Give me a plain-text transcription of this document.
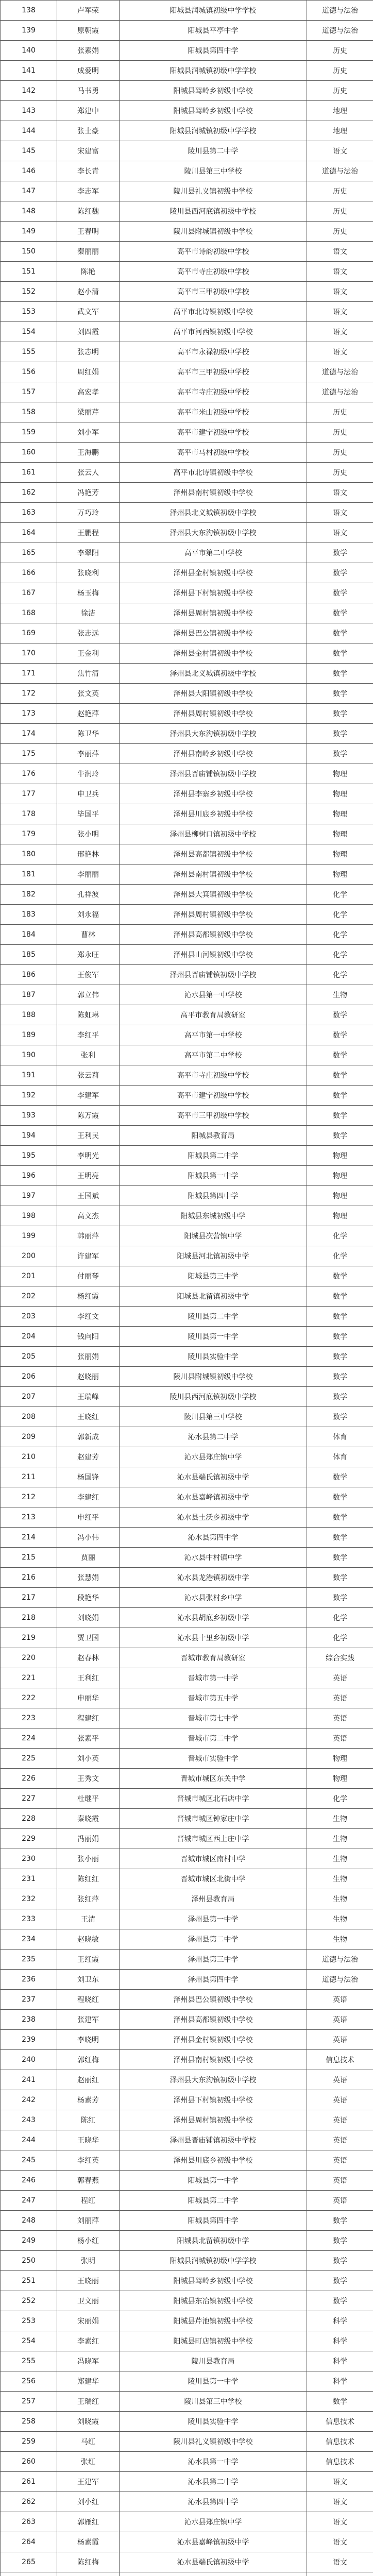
138	卢军荣	阳城县润城镇初级中学学校	道德与法治
139	原朝霞	阳城县平亭中学	道德与法治
140	张素娟	阳城县第四中学	历史
141	成爱明	阳城县润城镇初级中学学校	历史
142	马书勇	阳城县驾岭乡初级中学校	历史
143	郑建中	阳城县驾岭乡初级中学校	地理
144	张士豪	阳城县润城镇初级中学学校	地理
145	宋建富	陵川县第二中学	语文
146	李长青	陵川县第三中学校	道德与法治
147	李志军	陵川县礼义镇初级中学校	历史
148	陈红魏	陵川县西河底镇初级中学校	历史
149	王春明	陵川县附城镇初级中学校	历史
150	秦丽丽	高平市诗韵初级中学校	语文
151	陈艳	高平市寺庄初级中学校	语文
152	赵小清	高平市三甲初级中学校	语文
153	武文军	高平市北诗镇初级中学校	语文
154	刘四霞	高平市河西镇初级中学校	语文
155	张志明	高平市永禄初级中学校	语文
156	周红娟	高平市三甲初级中学校	道德与法治
157	高宏孝	高平市寺庄初级中学校	道德与法治
158	梁丽芹	高平市米山初级中学校	历史
159	刘小军	高平市建宁初级中学校	历史
160	王海鹏	高平市马村初级中学校	历史
161	张云人	高平市北诗镇初级中学校	历史
162	冯艳芳	泽州县南村镇初级中学校	语文
163	万巧玲	泽州县北义城镇初级中学校	语文
164	王鹏程	泽州县大东沟镇初级中学校	语文
165	李翠阳	高平市第二中学校	数学
166	张晓利	泽州县金村镇初级中学校	数学
167	杨玉梅	泽州县下村镇初级中学校	数学
168	徐洁	泽州县周村镇初级中学校	数学
169	张志远	泽州县巴公镇初级中学校	数学
170	王金利	泽州县金村镇初级中学校	数学
171	焦竹清	泽州县北义城镇初级中学校	数学
172	张文英	泽州县大阳镇初级中学校	数学
173	赵艳萍	泽州县周村镇初级中学校	数学
174	陈卫华	泽州县大东沟镇初级中学校	数学
175	李丽萍	泽州县南岭乡初级中学校	数学
176	牛润玲	泽州县晋庙铺镇初级中学校	物理
177	申卫兵	泽州县李寨乡初级中学校	物理
178	毕国平	泽州县川底乡初级中学校	物理
179	张小明	泽州县柳树口镇初级中学校	物理
180	邢艳林	泽州县高都镇初级中学校	物理
181	李丽丽	泽州县南村镇初级中学校	物理
182	孔祥波	泽州县大箕镇初级中学校	化学
183	刘永福	泽州县周村镇初级中学校	化学
184	曹林	泽州县高都镇初级中学校	化学
185	郑永旺	泽州县山河镇初级中学校	化学
186	王俊军	泽州县晋庙铺镇初级中学校	化学
187	郭立伟	沁水县第一中学校	生物
188	陈虹琳	高平市教育局教研室	数学
189	李红平	高平市第一中学校	数学
190	张利	高平市第二中学校	数学
191	张云莉	高平市寺庄初级中学校	数学
192	李建军	高平市建宁初级中学校	数学
193	陈万霞	高平市三甲初级中学校	数学
194	王利民	阳城县教育局	数学
195	李明光	阳城县第二中学	物理
196	王明亮	阳城县第一中学	物理
197	王国斌	阳城县第四中学	物理
198	高文杰	阳城县东城初级中学	物理
199	韩丽萍	阳城县次营镇中学	化学
200	许建军	阳城县河北镇初级中学	化学
201	付丽琴	阳城县第三中学	数学
202	杨红霞	阳城县北留镇初级中学	数学
203	李红文	陵川县第二中学	数学
204	钱向阳	陵川县第一中学	数学
205	张丽娟	陵川县实验中学	数学
206	赵晓丽	陵川县附城镇初级中学校	数学
207	王瑞峰	陵川县西河底镇初级中学校	数学
208	王晓红	陵川县第三中学校	数学
209	郭新成	沁水县第二中学	体育
210	赵建芳	沁水县郑庄镇中学	体育
211	杨国锋	沁水县端氏镇初级中学	数学
212	李建红	沁水县嘉峰镇初级中学	数学
213	申红平	沁水县土沃乡初级中学	数学
214	冯小伟	沁水县第四中学	数学
215	贾丽	沁水县中村镇中学	数学
216	张慧娟	沁水县龙港镇初级中学	数学
217	段艳华	沁水县张村乡中学	数学
218	刘晓娟	沁水县胡底乡初级中学	化学
219	贾卫国	沁水县十里乡初级中学	化学
220	赵春林	晋城市教育局教研室	综合实践
221	王利红	晋城市第一中学	英语
222	申丽华	晋城市第五中学	英语
223	程建红	晋城市第七中学	英语
224	张素平	晋城市第二中学	英语
225	刘小英	晋城市实验中学	物理
226	王秀文	晋城市城区东关中学	物理
227	杜继平	晋城市城区北石店中学	化学
228	秦晓霞	晋城市城区钟家庄中学	生物
229	冯丽娟	晋城市城区西上庄中学	生物
230	张小丽	晋城市城区南村中学	生物
231	陈红红	晋城市城区北街中学	生物
232	张红萍	泽州县教育局	生物
233	王清	泽州县第一中学	生物
234	赵晓敏	泽州县第二中学	生物
235	王红霞	泽州县第三中学	道德与法治
236	刘卫东	泽州县第四中学	道德与法治
237	程晓红	泽州县巴公镇初级中学校	英语
238	张建军	泽州县高都镇初级中学校	英语
239	李晓明	泽州县金村镇初级中学校	英语
240	郭红梅	泽州县南村镇初级中学校	信息技术
241	赵丽红	泽州县大东沟镇初级中学校	英语
242	杨素芳	泽州县下村镇初级中学校	英语
243	陈红	泽州县周村镇初级中学校	英语
244	王晓华	泽州县晋庙铺镇初级中学校	英语
245	李红英	泽州县川底乡初级中学校	英语
246	郭春燕	阳城县第一中学	英语
247	程红	阳城县第二中学	英语
248	刘丽萍	阳城县第四中学	数学
249	杨小红	阳城县北留镇初级中学	数学
250	张明	阳城县润城镇初级中学学校	数学
251	王晓丽	阳城县驾岭乡初级中学校	数学
252	卫文丽	阳城县东冶镇初级中学校	数学
253	宋丽娟	阳城县芹池镇初级中学校	科学
254	李素红	阳城县町店镇初级中学校	科学
255	冯晓军	陵川县教育局	科学
256	郑建华	陵川县第一中学	科学
257	王瑞红	陵川县第三中学校	数学
258	刘晓霞	陵川县实验中学	信息技术
259	马红	陵川县礼义镇初级中学校	信息技术
260	张红	沁水县第一中学	信息技术
261	王建军	沁水县第二中学	语文
262	刘小红	沁水县第四中学	语文
263	郭雁红	沁水县郑庄镇中学	语文
264	杨素霞	沁水县嘉峰镇初级中学	语文
265	陈红梅	沁水县端氏镇初级中学	语文
